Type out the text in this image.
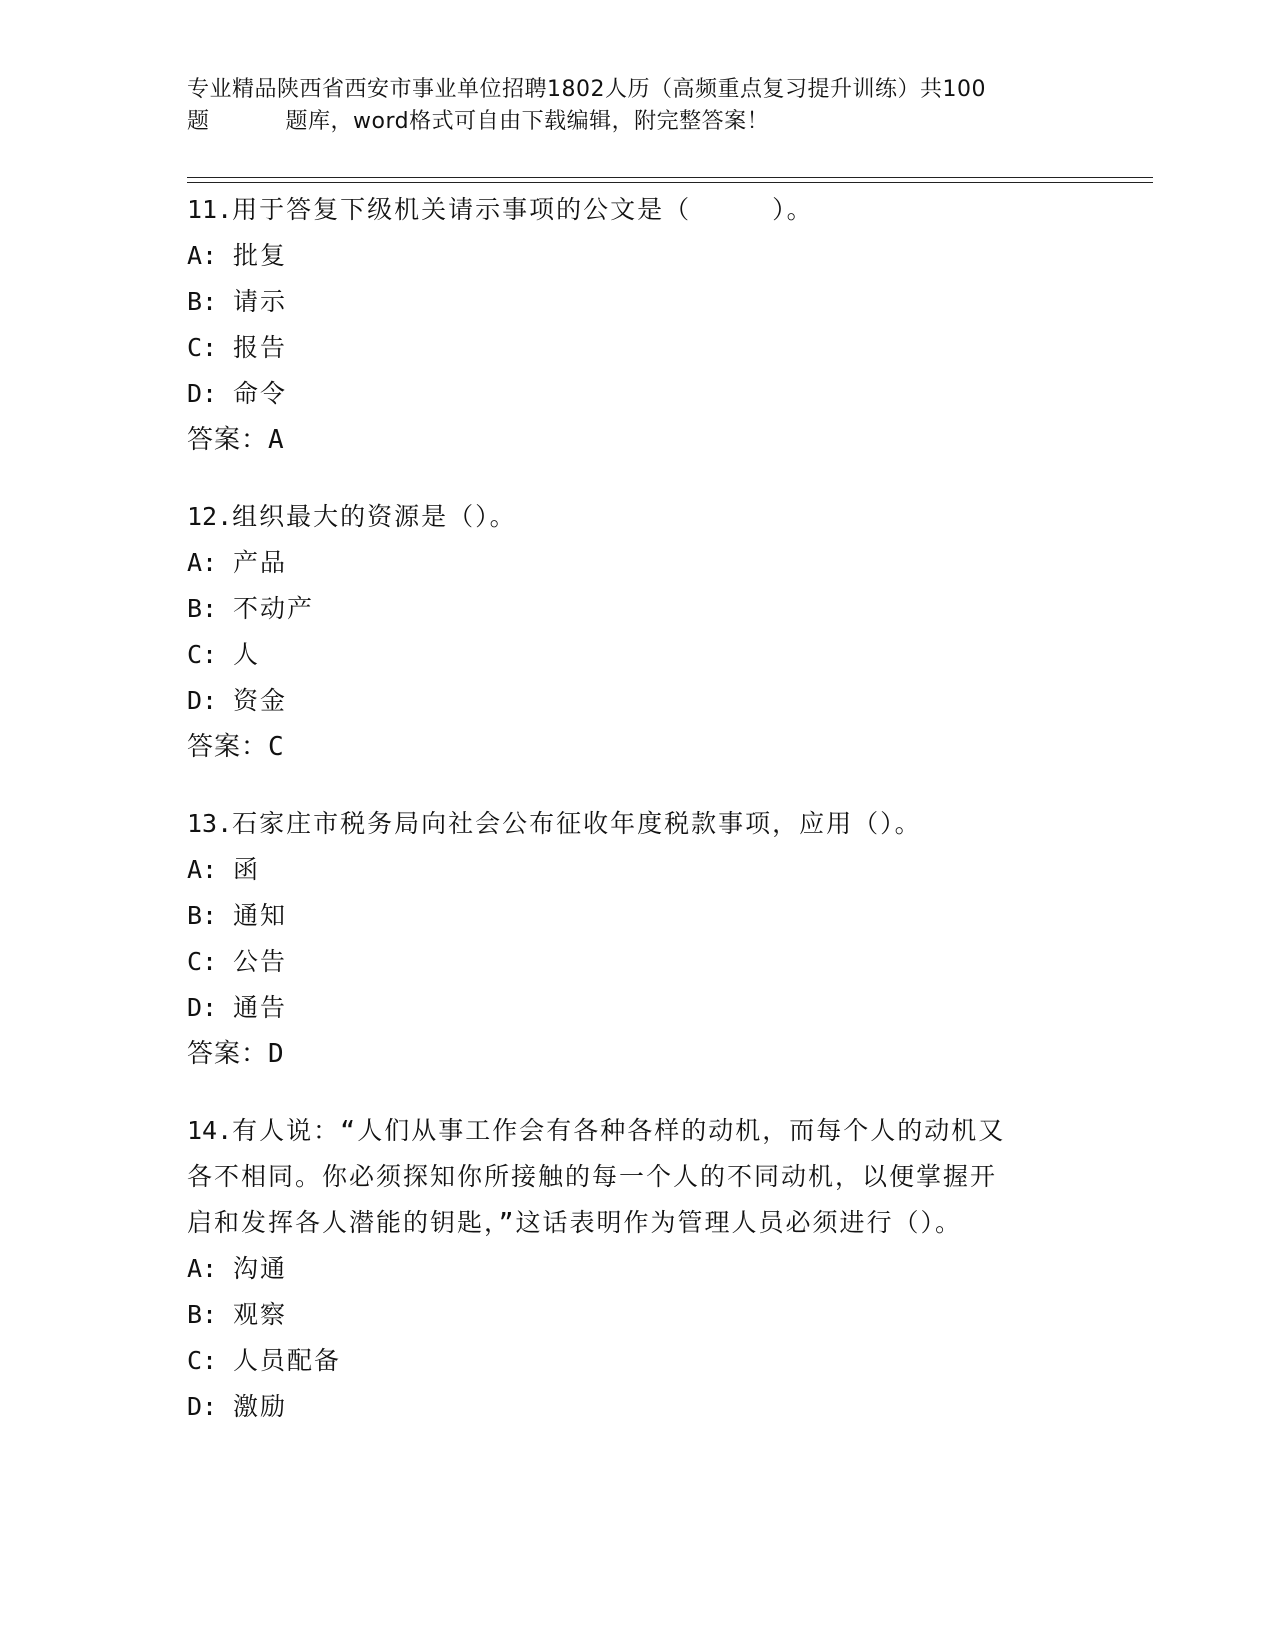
专业精品陕西省西安市事业单位招聘1802人历（高频重点复习提升训练）共100
题	题库，word格式可自由下载编辑，附完整答案！
11.用于答复下级机关请示事项的公文是（　　　）。
A: 批复
B: 请示
C: 报告
D: 命令
答案：A
12.组织最大的资源是（）。
A: 产品
B: 不动产
C: 人
D: 资金
答案：C
13.石家庄市税务局向社会公布征收年度税款事项，应用（）。
A: 函
B: 通知
C: 公告
D: 通告
答案：D
14.有人说：“人们从事工作会有各种各样的动机，而每个人的动机又
各不相同。你必须探知你所接触的每一个人的不同动机，以便掌握开
启和发挥各人潜能的钥匙，”这话表明作为管理人员必须进行（）。
A: 沟通
B: 观察
C: 人员配备
D: 激励
